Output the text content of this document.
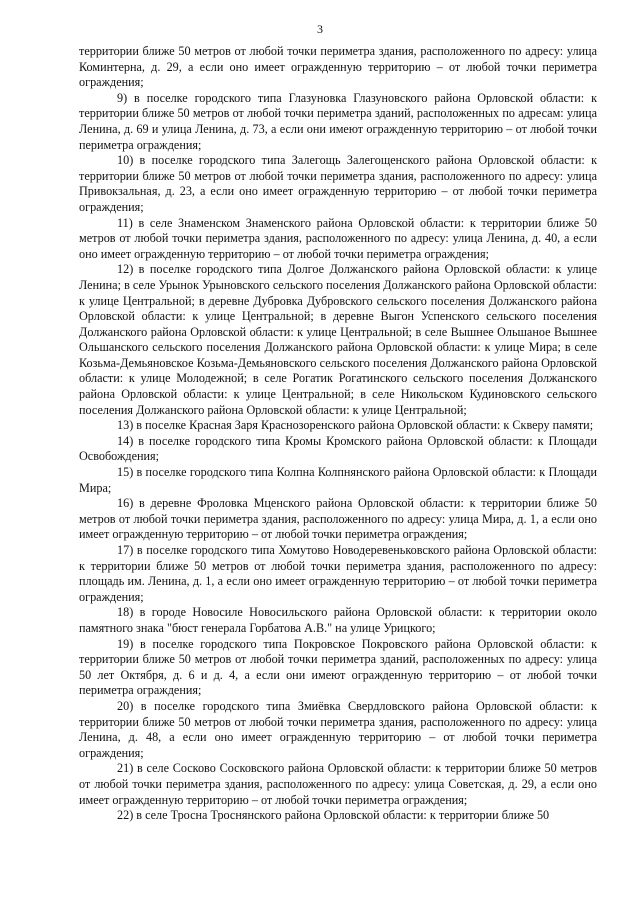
3

территории ближе 50 метров от любой точки периметра здания, расположенного по адресу: улица Коминтерна, д. 29, а если оно имеет огражденную территорию – от любой точки периметра ограждения;

9) в поселке городского типа Глазуновка Глазуновского района Орловской области: к территории ближе 50 метров от любой точки периметра зданий, расположенных по адресам: улица Ленина, д. 69 и улица Ленина, д. 73, а если они имеют огражденную территорию – от любой точки периметра ограждения;

10) в поселке городского типа Залегощь Залегощенского района Орловской области: к территории ближе 50 метров от любой точки периметра здания, расположенного по адресу: улица Привокзальная, д. 23, а если оно имеет огражденную территорию – от любой точки периметра ограждения;

11) в селе Знаменском Знаменского района Орловской области: к территории ближе 50 метров от любой точки периметра здания, расположенного по адресу: улица Ленина, д. 40, а если оно имеет огражденную территорию – от любой точки периметра ограждения;

12) в поселке городского типа Долгое Должанского района Орловской области: к улице Ленина; в селе Урынок Урыновского сельского поселения Должанского района Орловской области: к улице Центральной; в деревне Дубровка Дубровского сельского поселения Должанского района Орловской области: к улице Центральной; в деревне Выгон Успенского сельского поселения Должанского района Орловской области: к улице Центральной; в селе Вышнее Ольшаное Вышнее Ольшанского сельского поселения Должанского района Орловской области: к улице Мира; в селе Козьма-Демьяновское Козьма-Демьяновского сельского поселения Должанского района Орловской области: к улице Молодежной; в селе Рогатик Рогатинского сельского поселения Должанского района Орловской области: к улице Центральной; в селе Никольском Кудиновского сельского поселения Должанского района Орловской области: к улице Центральной;

13) в поселке Красная Заря Краснозоренского района Орловской области: к Скверу памяти;

14) в поселке городского типа Кромы Кромского района Орловской области: к Площади Освобождения;

15) в поселке городского типа Колпна Колпнянского района Орловской области: к Площади Мира;

16) в деревне Фроловка Мценского района Орловской области: к территории ближе 50 метров от любой точки периметра здания, расположенного по адресу: улица Мира, д. 1, а если оно имеет огражденную территорию – от любой точки периметра ограждения;

17) в поселке городского типа Хомутово Новодеревеньковского района Орловской области: к территории ближе 50 метров от любой точки периметра здания, расположенного по адресу: площадь им. Ленина, д. 1, а если оно имеет огражденную территорию – от любой точки периметра ограждения;

18) в городе Новосиле Новосильского района Орловской области: к территории около памятного знака "бюст генерала Горбатова А.В." на улице Урицкого;

19) в поселке городского типа Покровское Покровского района Орловской области: к территории ближе 50 метров от любой точки периметра зданий, расположенных по адресу: улица 50 лет Октября, д. 6 и д. 4, а если они имеют огражденную территорию – от любой точки периметра ограждения;

20) в поселке городского типа Змиёвка Свердловского района Орловской области: к территории ближе 50 метров от любой точки периметра здания, расположенного по адресу: улица Ленина, д. 48, а если оно имеет огражденную территорию – от любой точки периметра ограждения;

21) в селе Сосково Сосковского района Орловской области: к территории ближе 50 метров от любой точки периметра здания, расположенного по адресу: улица Советская, д. 29, а если оно имеет огражденную территорию – от любой точки периметра ограждения;

22) в селе Тросна Троснянского района Орловской области: к территории ближе 50
